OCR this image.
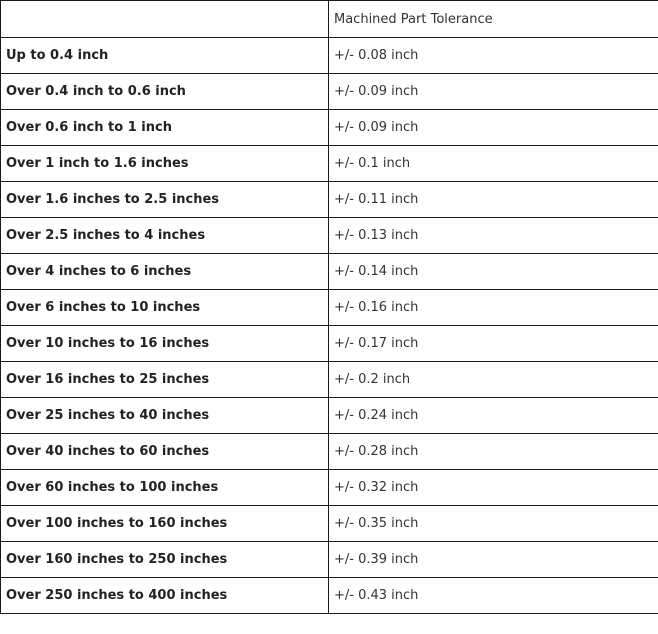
	Machined Part Tolerance
Up to 0.4 inch	+/- 0.08 inch
Over 0.4 inch to 0.6 inch	+/- 0.09 inch
Over 0.6 inch to 1 inch	+/- 0.09 inch
Over 1 inch to 1.6 inches	+/- 0.1 inch
Over 1.6 inches to 2.5 inches	+/- 0.11 inch
Over 2.5 inches to 4 inches	+/- 0.13 inch
Over 4 inches to 6 inches	+/- 0.14 inch
Over 6 inches to 10 inches	+/- 0.16 inch
Over 10 inches to 16 inches	+/- 0.17 inch
Over 16 inches to 25 inches	+/- 0.2 inch
Over 25 inches to 40 inches	+/- 0.24 inch
Over 40 inches to 60 inches	+/- 0.28 inch
Over 60 inches to 100 inches	+/- 0.32 inch
Over 100 inches to 160 inches	+/- 0.35 inch
Over 160 inches to 250 inches	+/- 0.39 inch
Over 250 inches to 400 inches	+/- 0.43 inch
